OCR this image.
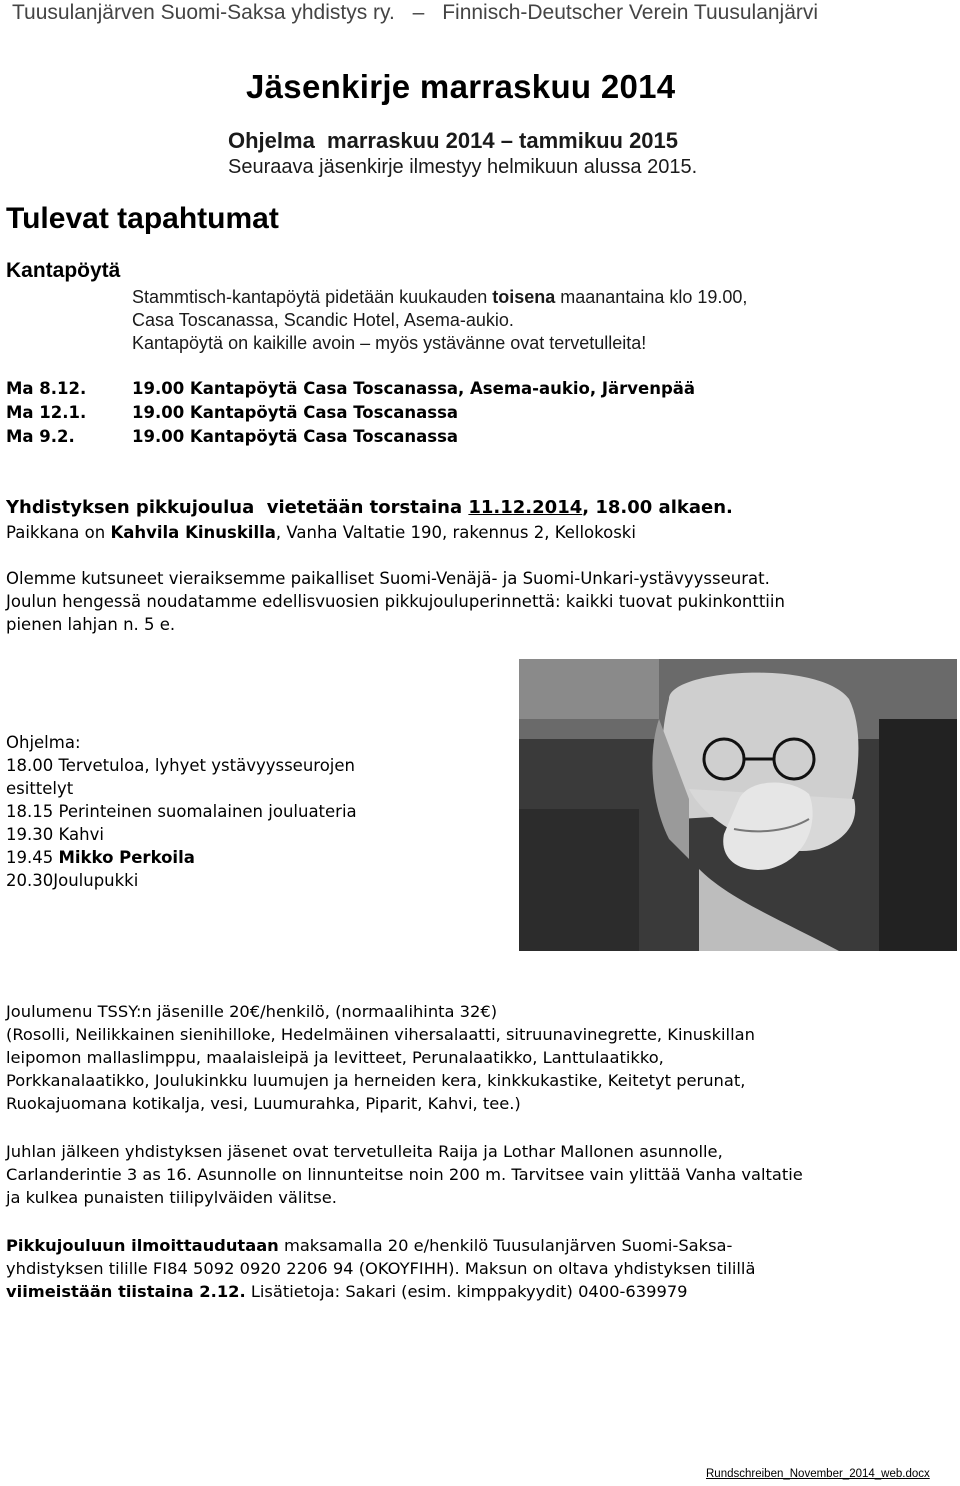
Tuusulanjärven Suomi-Saksa yhdistys ry. – Finnisch-Deutscher Verein Tuusulanjärvi
Jäsenkirje marraskuu 2014
Ohjelma  marraskuu 2014 – tammikuu 2015
Seuraava jäsenkirje ilmestyy helmikuun alussa 2015.
Tulevat tapahtumat
Kantapöytä
Stammtisch-kantapöytä pidetään kuukauden toisena maanantaina klo 19.00,
Casa Toscanassa, Scandic Hotel, Asema-aukio.
Kantapöytä on kaikille avoin – myös ystävänne ovat tervetulleita!
Ma 8.12.
Ma 12.1.
Ma 9.2.
19.00 Kantapöytä Casa Toscanassa, Asema-aukio, Järvenpää
19.00 Kantapöytä Casa Toscanassa
19.00 Kantapöytä Casa Toscanassa
Yhdistyksen pikkujoulua  vietetään torstaina 11.12.2014, 18.00 alkaen.
Paikkana on Kahvila Kinuskilla, Vanha Valtatie 190, rakennus 2, Kellokoski
Olemme kutsuneet vieraiksemme paikalliset Suomi-Venäjä- ja Suomi-Unkari-ystävyysseurat.
Joulun hengessä noudatamme edellisvuosien pikkujouluperinnettä: kaikki tuovat pukinkonttiin
pienen lahjan n. 5 e.
Ohjelma:
18.00 Tervetuloa, lyhyet ystävyysseurojen
esittelyt
18.15 Perinteinen suomalainen jouluateria
19.30 Kahvi
19.45 Mikko Perkoila
20.30Joulupukki
Joulumenu TSSY:n jäsenille 20€/henkilö, (normaalihinta 32€)
(Rosolli, Neilikkainen sienihilloke, Hedelmäinen vihersalaatti, sitruunavinegrette, Kinuskillan
leipomon mallaslimppu, maalaisleipä ja levitteet, Perunalaatikko, Lanttulaatikko,
Porkkanalaatikko, Joulukinkku luumujen ja herneiden kera, kinkkukastike, Keitetyt perunat,
Ruokajuomana kotikalja, vesi, Luumurahka, Piparit, Kahvi, tee.)
Juhlan jälkeen yhdistyksen jäsenet ovat tervetulleita Raija ja Lothar Mallonen asunnolle,
Carlanderintie 3 as 16. Asunnolle on linnunteitse noin 200 m. Tarvitsee vain ylittää Vanha valtatie
ja kulkea punaisten tiilipylväiden välitse.
Pikkujouluun ilmoittaudutaan maksamalla 20 e/henkilö Tuusulanjärven Suomi-Saksa-
yhdistyksen tilille FI84 5092 0920 2206 94 (OKOYFIHH). Maksun on oltava yhdistyksen tilillä
viimeistään tiistaina 2.12. Lisätietoja: Sakari (esim. kimppakyydit) 0400-639979
Rundschreiben_November_2014_web.docx
